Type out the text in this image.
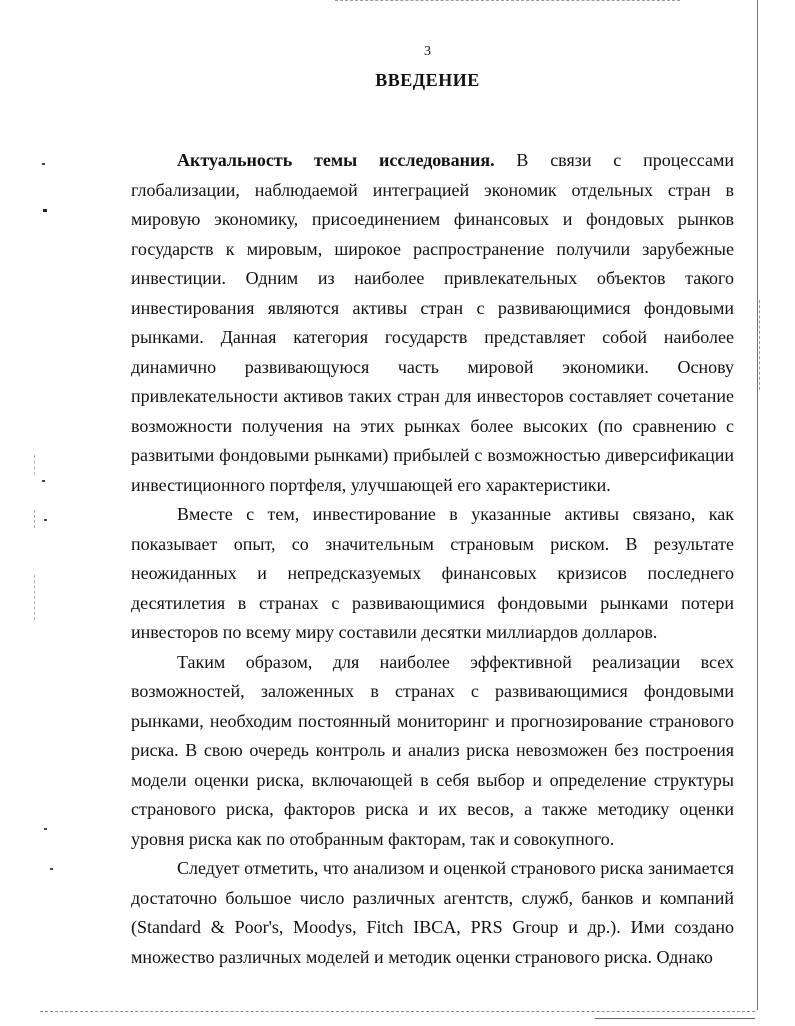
3
ВВЕДЕНИЕ

Актуальность темы исследования. В связи с процессами глобализации, наблюдаемой интеграцией экономик отдельных стран в мировую экономику, присоединением финансовых и фондовых рынков государств к мировым, широкое распространение получили зарубежные инвестиции. Одним из наиболее привлекательных объектов такого инвестирования являются активы стран с развивающимися фондовыми рынками. Данная категория государств представляет собой наиболее динамично развивающуюся часть мировой экономики. Основу привлекательности активов таких стран для инвесторов составляет сочетание возможности получения на этих рынках более высоких (по сравнению с развитыми фондовыми рынками) прибылей с возможностью диверсификации инвестиционного портфеля, улучшающей его характеристики.

Вместе с тем, инвестирование в указанные активы связано, как показывает опыт, со значительным страновым риском. В результате неожиданных и непредсказуемых финансовых кризисов последнего десятилетия в странах с развивающимися фондовыми рынками потери инвесторов по всему миру составили десятки миллиардов долларов.

Таким образом, для наиболее эффективной реализации всех возможностей, заложенных в странах с развивающимися фондовыми рынками, необходим постоянный мониторинг и прогнозирование странового риска. В свою очередь контроль и анализ риска невозможен без построения модели оценки риска, включающей в себя выбор и определение структуры странового риска, факторов риска и их весов, а также методику оценки уровня риска как по отобранным факторам, так и совокупного.

Следует отметить, что анализом и оценкой странового риска занимается достаточно большое число различных агентств, служб, банков и компаний (Standard & Poor's, Moodys, Fitch IBCA, PRS Group и др.). Ими создано множество различных моделей и методик оценки странового риска. Однако
